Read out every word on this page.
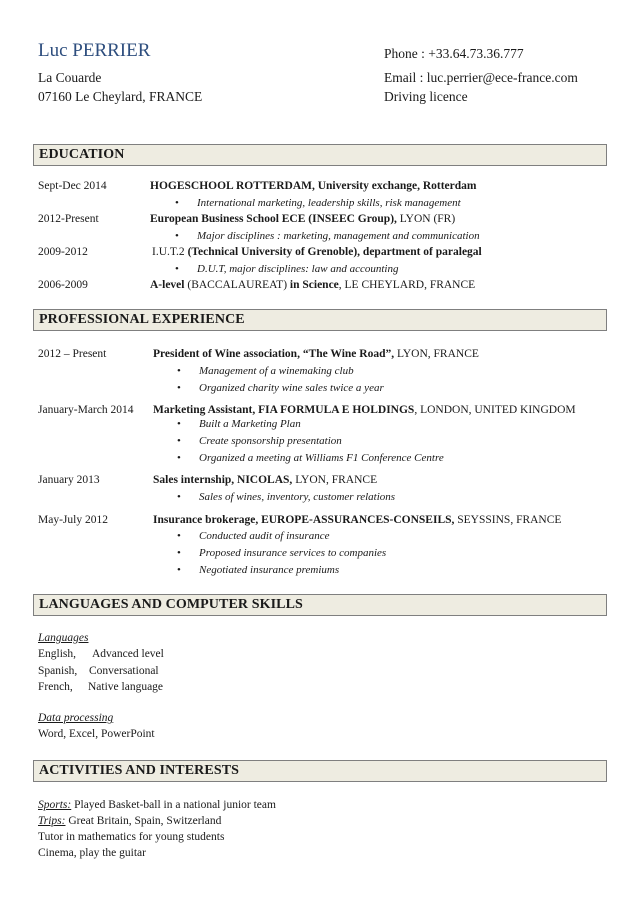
Luc PERRIER
La Couarde
07160 Le Cheylard, FRANCE
Phone : +33.64.73.36.777
Email : luc.perrier@ece-france.com
Driving licence
EDUCATION
Sept-Dec 2014	HOGESCHOOL ROTTERDAM, University exchange, Rotterdam
• International marketing, leadership skills, risk management
2012-Present	European Business School ECE (INSEEC Group), LYON (FR)
• Major disciplines : marketing, management and communication
2009-2012	I.U.T.2 (Technical University of Grenoble), department of paralegal
• D.U.T, major disciplines: law and accounting
2006-2009	A-level (BACCALAUREAT) in Science, LE CHEYLARD, FRANCE
PROFESSIONAL EXPERIENCE
2012 – Present	President of Wine association, “The Wine Road”, LYON, FRANCE
• Management of a winemaking club
• Organized charity wine sales twice a year
January-March 2014 Marketing Assistant, FIA FORMULA E HOLDINGS, LONDON, UNITED KINGDOM
• Built a Marketing Plan
• Create sponsorship presentation
• Organized a meeting at Williams F1 Conference Centre
January 2013	Sales internship, NICOLAS, LYON, FRANCE
• Sales of wines, inventory, customer relations
May-July 2012	Insurance brokerage, EUROPE-ASSURANCES-CONSEILS, SEYSSINS, FRANCE
• Conducted audit of insurance
• Proposed insurance services to companies
• Negotiated insurance premiums
LANGUAGES AND COMPUTER SKILLS
Languages
English, Advanced level
Spanish, Conversational
French, Native language
Data processing
Word, Excel, PowerPoint
ACTIVITIES AND INTERESTS
Sports: Played Basket-ball in a national junior team
Trips: Great Britain, Spain, Switzerland
Tutor in mathematics for young students
Cinema, play the guitar
